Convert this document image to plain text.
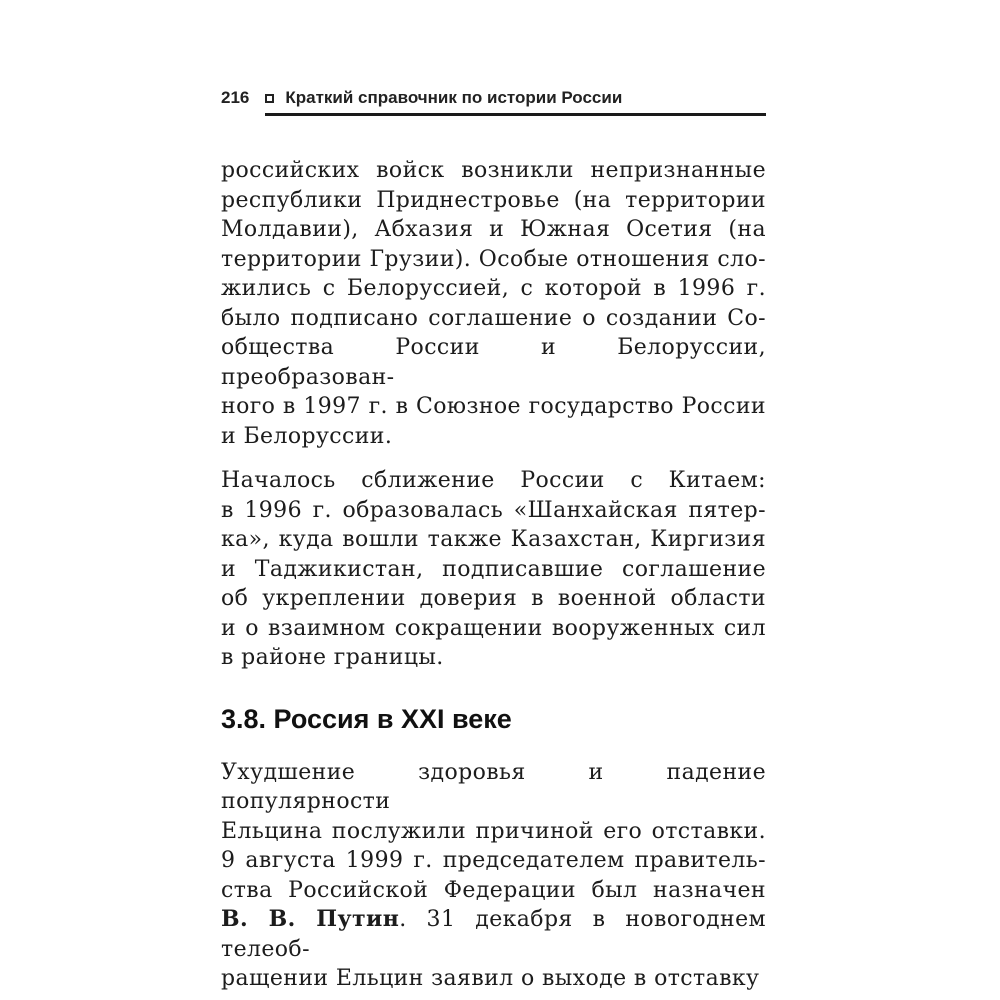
216 Краткий справочник по истории России
российских войск возникли непризнанные
республики Приднестровье (на территории
Молдавии), Абхазия и Южная Осетия (на
территории Грузии). Особые отношения сло-
жились с Белоруссией, с которой в 1996 г.
было подписано соглашение о создании Со-
общества России и Белоруссии, преобразован-
ного в 1997 г. в Союзное государство России
и Белоруссии.
Началось сближение России с Китаем:
в 1996 г. образовалась «Шанхайская пятер-
ка», куда вошли также Казахстан, Киргизия
и Таджикистан, подписавшие соглашение
об укреплении доверия в военной области
и о взаимном сокращении вооруженных сил
в районе границы.
3.8. Россия в XXI веке
Ухудшение здоровья и падение популярности
Ельцина послужили причиной его отставки.
9 августа 1999 г. председателем правитель-
ства Российской Федерации был назначен
В. В. Путин. 31 декабря в новогоднем телеоб-
ращении Ельцин заявил о выходе в отставку
